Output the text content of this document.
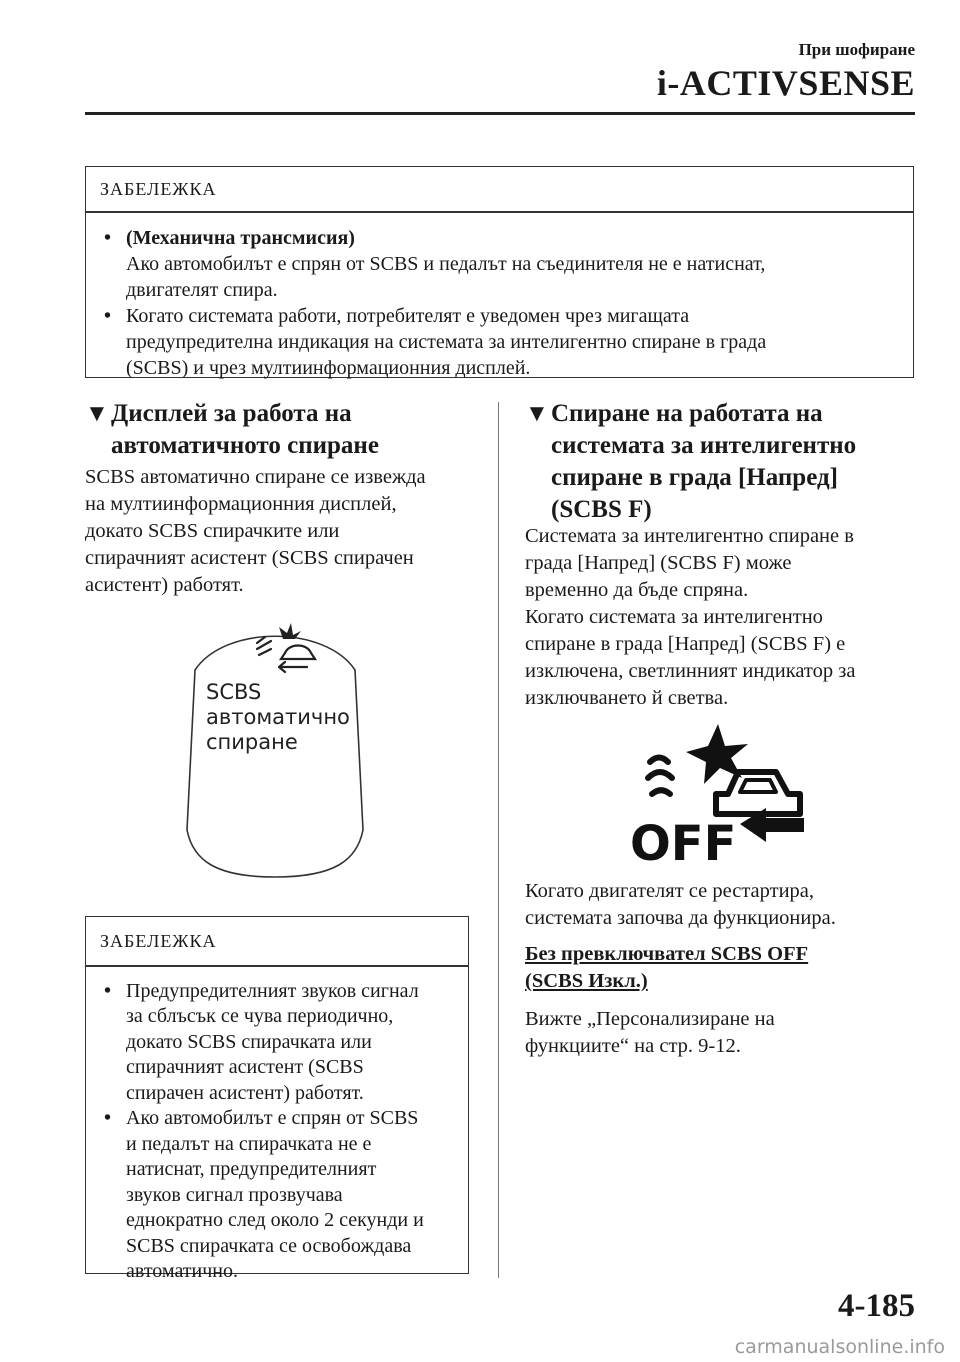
При шофиране
i-ACTIVSENSE
ЗАБЕЛЕЖКА
• (Механична трансмисия)
Ако автомобилът е спрян от SCBS и педалът на съединителя не е натиснат,
двигателят спира.
• Когато системата работи, потребителят е уведомен чрез мигащата
предупредителна индикация на системата за интелигентно спиране в града
(SCBS) и чрез мултиинформационния дисплей.
▼ Дисплей за работа на
автоматичното спиране
SCBS автоматично спиране се извежда
на мултиинформационния дисплей,
докато SCBS спирачките или
спирачният асистент (SCBS спирачен
асистент) работят.
SCBS
автоматично
спиране
ЗАБЕЛЕЖКА
• Предупредителният звуков сигнал
за сблъсък се чува периодично,
докато SCBS спирачката или
спирачният асистент (SCBS
спирачен асистент) работят.
• Ако автомобилът е спрян от SCBS
и педалът на спирачката не е
натиснат, предупредителният
звуков сигнал прозвучава
еднократно след около 2 секунди и
SCBS спирачката се освобождава
автоматично.
▼ Спиране на работата на
системата за интелигентно
спиране в града [Напред]
(SCBS F)
Системата за интелигентно спиране в
града [Напред] (SCBS F) може
временно да бъде спряна.
Когато системата за интелигентно
спиране в града [Напред] (SCBS F) е
изключена, светлинният индикатор за
изключването й светва.
OFF
Когато двигателят се рестартира,
системата започва да функционира.
Без превключвател SCBS OFF
(SCBS Изкл.)
Вижте „Персонализиране на
функциите“ на стр. 9-12.
4-185
carmanualsonline.info
